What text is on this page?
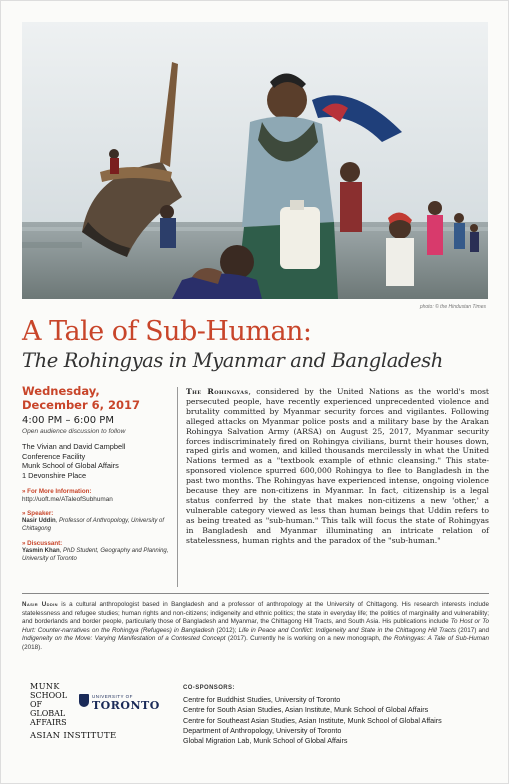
photo: © the Hindustan Times
A Tale of Sub-Human:
The Rohingyas in Myanmar and Bangladesh
Wednesday,
December 6, 2017
4:00 PM – 6:00 PM
Open audience discussion to follow
The Vivian and David Campbell
Conference Facility
Munk School of Global Affairs
1 Devonshire Place
» For More Information:
http://uoft.me/ATaleofSubhuman
» Speaker:
Nasir Uddin, Professor of Anthropology, University of Chittagong
» Discussant:
Yasmin Khan, PhD Student, Geography and Planning, University of Toronto
The Rohingyas, considered by the United Nations as the world's most persecuted people, have recently experienced unprecedented violence and brutality committed by Myanmar security forces and vigilantes. Following alleged attacks on Myanmar police posts and a military base by the Arakan Rohingya Salvation Army (ARSA) on August 25, 2017, Myanmar security forces indiscriminately fired on Rohingya civilians, burnt their houses down, raped girls and women, and killed thousands mercilessly in what the United Nations termed as a "textbook example of ethnic cleansing." This state-sponsored violence spurred 600,000 Rohingya to flee to Bangladesh in the past two months. The Rohingyas have experienced intense, ongoing violence because they are non-citizens in Myanmar. In fact, citizenship is a legal status conferred by the state that makes non-citizens a new 'other,' a vulnerable category viewed as less than human beings that Uddin refers to as being treated as "sub-human." This talk will focus the state of Rohingyas in Bangladesh and Myanmar illuminating an intricate relation of statelessness, human rights and the paradox of the "sub-human."
Nasir Uddin is a cultural anthropologist based in Bangladesh and a professor of anthropology at the University of Chittagong. His research interests include statelessness and refugee studies; human rights and non-citizens; indigeneity and ethnic politics; the state in everyday life; the politics of marginality and vulnerability; and borderlands and border people, particularly those of Bangladesh and Myanmar, the Chittagong Hill Tracts, and South Asia. His publications include To Host or To Hurt: Counter-narratives on the Rohingya (Refugees) in Bangladesh (2012); Life in Peace and Conflict: Indigeneity and State in the Chittagong Hill Tracts (2017) and Indigeneity on the Move: Varying Manifestation of a Contested Concept (2017). Currently he is working on a new monograph, the Rohingyas: A Tale of Sub-Human (2018).
MUNK
SCHOOL
OF
GLOBAL
AFFAIRS
UNIVERSITY OF
TORONTO
ASIAN INSTITUTE
CO-SPONSORS:
Centre for Buddhist Studies, University of Toronto
Centre for South Asian Studies, Asian Institute, Munk School of Global Affairs
Centre for Southeast Asian Studies, Asian Institute, Munk School of Global Affairs
Department of Anthropology, University of Toronto
Global Migration Lab, Munk School of Global Affairs
